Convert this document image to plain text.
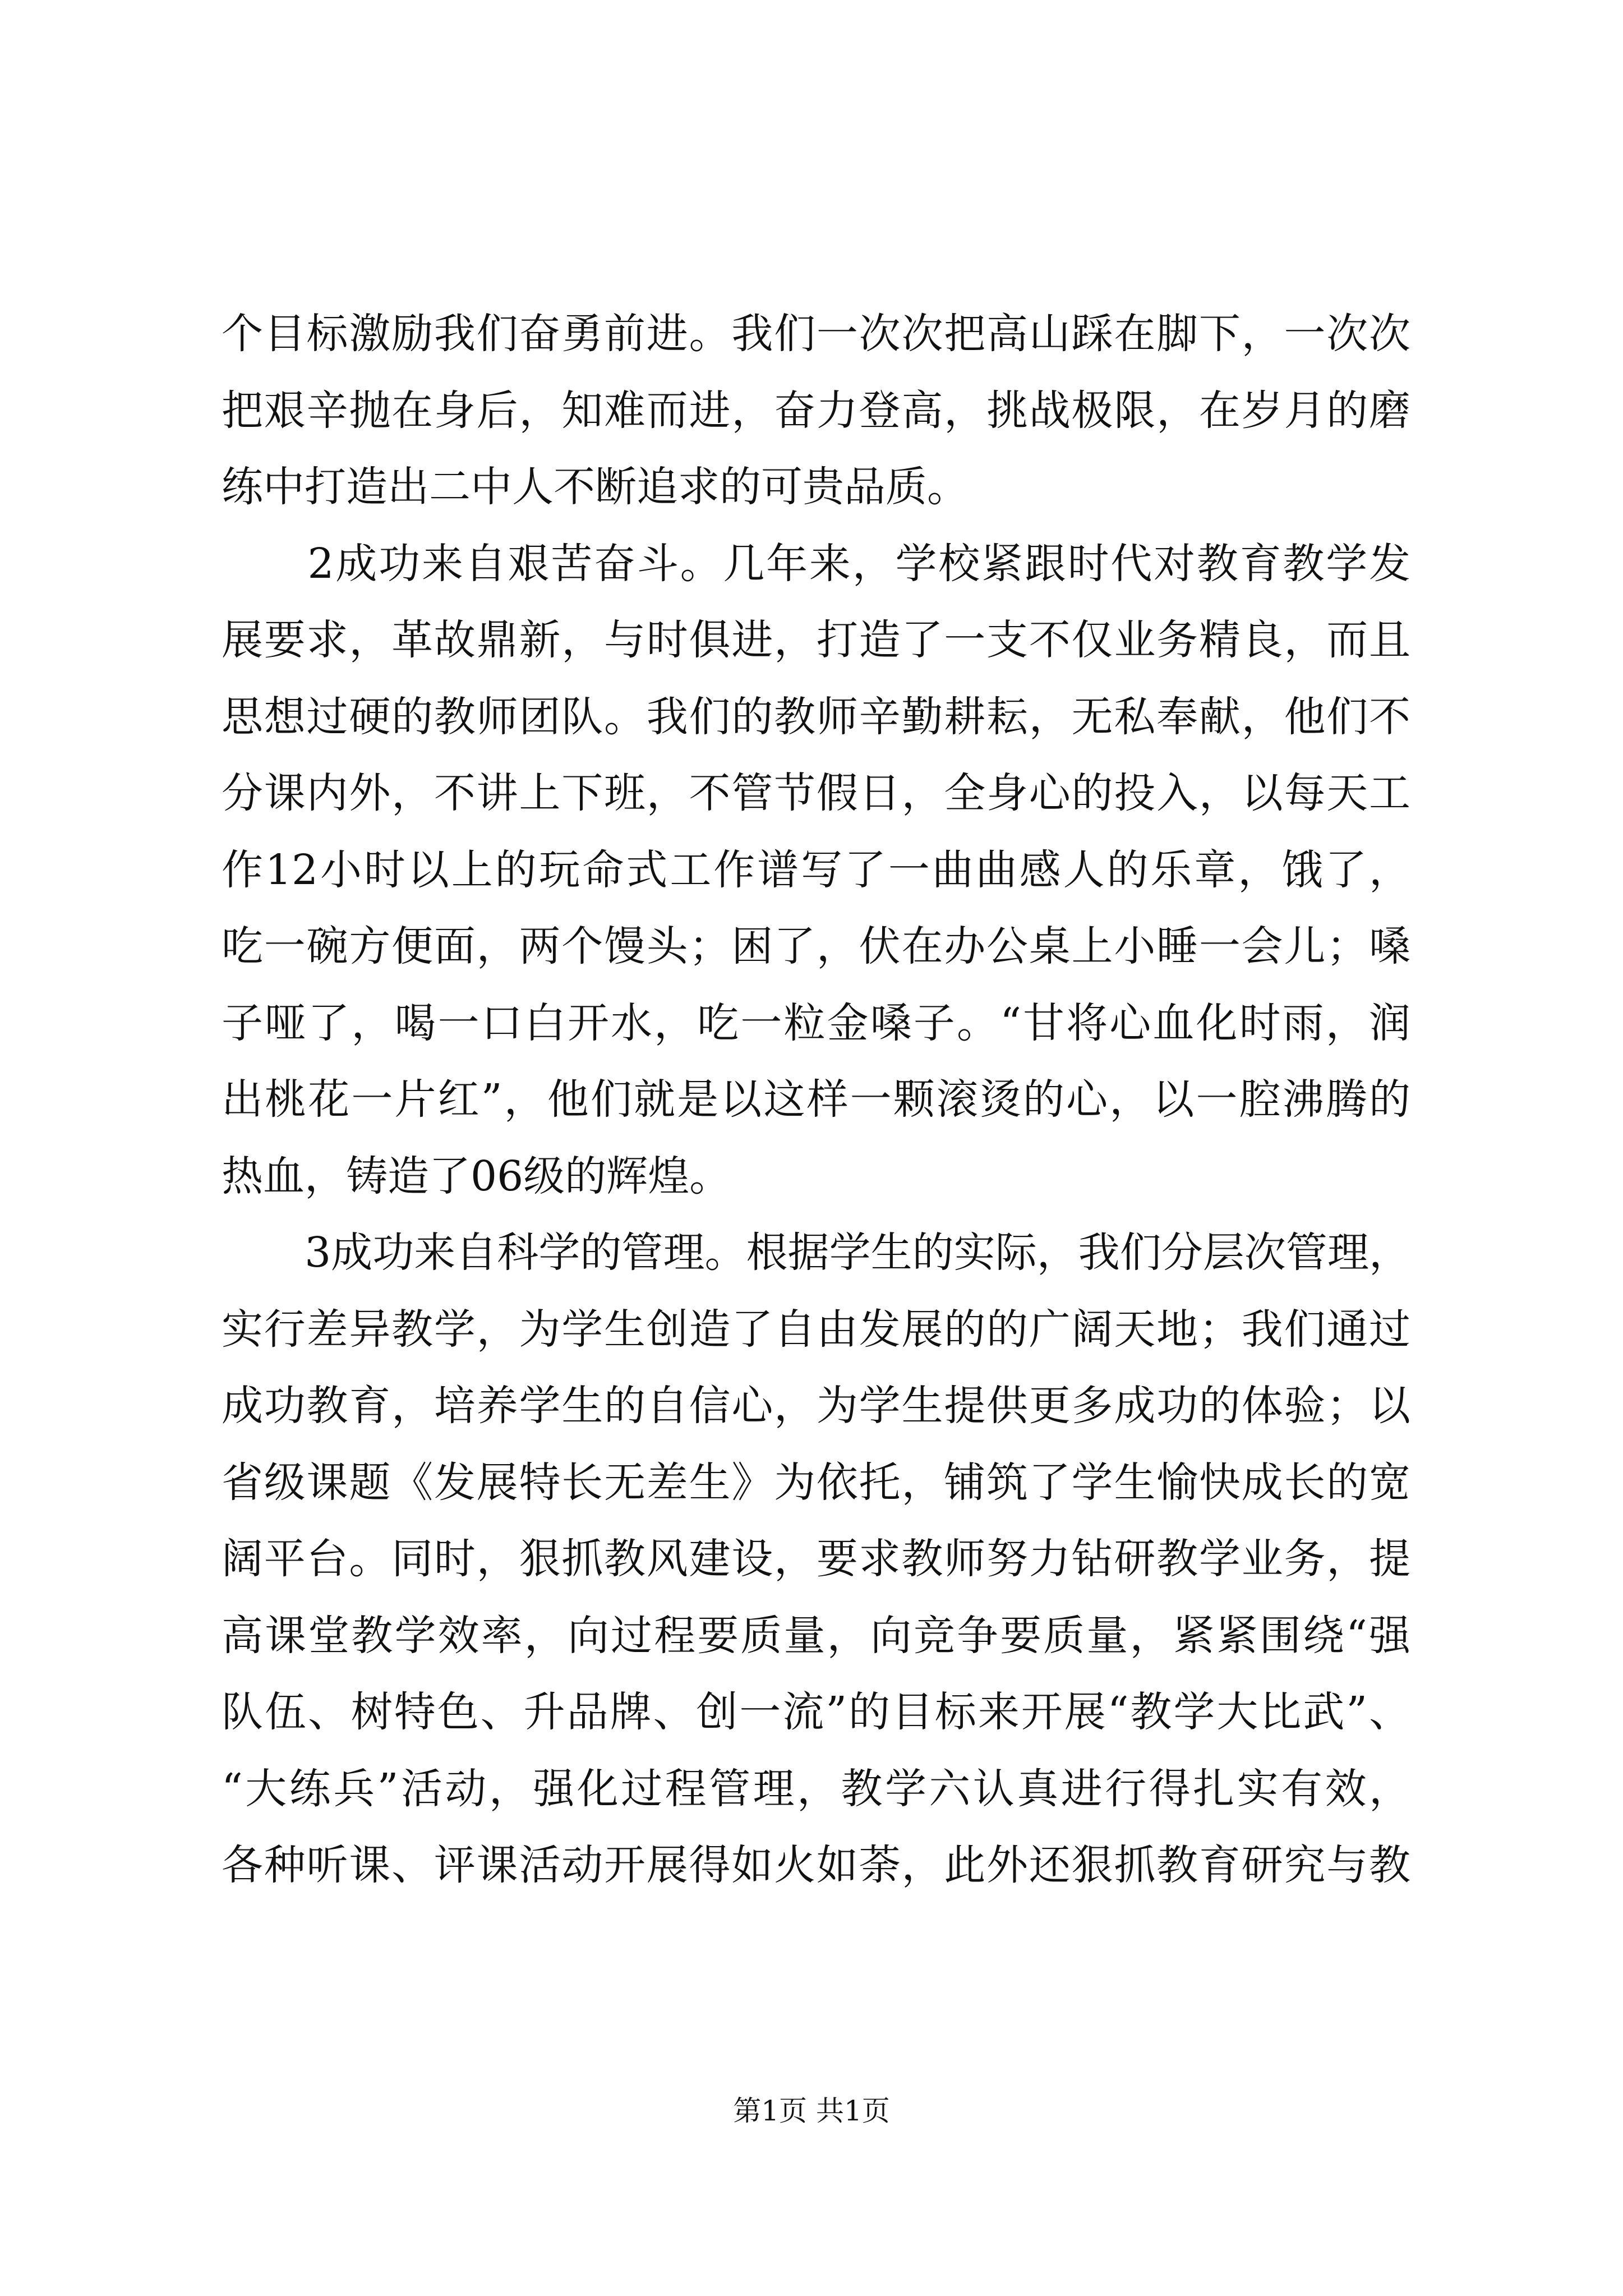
个目标激励我们奋勇前进。我们一次次把高山踩在脚下，一次次
把艰辛抛在身后，知难而进，奋力登高，挑战极限，在岁月的磨
练中打造出二中人不断追求的可贵品质。
　　2成功来自艰苦奋斗。几年来，学校紧跟时代对教育教学发
展要求，革故鼎新，与时俱进，打造了一支不仅业务精良，而且
思想过硬的教师团队。我们的教师辛勤耕耘，无私奉献，他们不
分课内外，不讲上下班，不管节假日，全身心的投入，以每天工
作12小时以上的玩命式工作谱写了一曲曲感人的乐章，饿了，
吃一碗方便面，两个馒头；困了，伏在办公桌上小睡一会儿；嗓
子哑了，喝一口白开水，吃一粒金嗓子。“甘将心血化时雨，润
出桃花一片红”，他们就是以这样一颗滚烫的心，以一腔沸腾的
热血，铸造了06级的辉煌。
　　3成功来自科学的管理。根据学生的实际，我们分层次管理，
实行差异教学，为学生创造了自由发展的的广阔天地；我们通过
成功教育，培养学生的自信心，为学生提供更多成功的体验；以
省级课题《发展特长无差生》为依托，铺筑了学生愉快成长的宽
阔平台。同时，狠抓教风建设，要求教师努力钻研教学业务，提
高课堂教学效率，向过程要质量，向竞争要质量，紧紧围绕“强
队伍、树特色、升品牌、创一流”的目标来开展“教学大比武”、
“大练兵”活动，强化过程管理，教学六认真进行得扎实有效，
各种听课、评课活动开展得如火如荼，此外还狠抓教育研究与教
第1页 共1页
